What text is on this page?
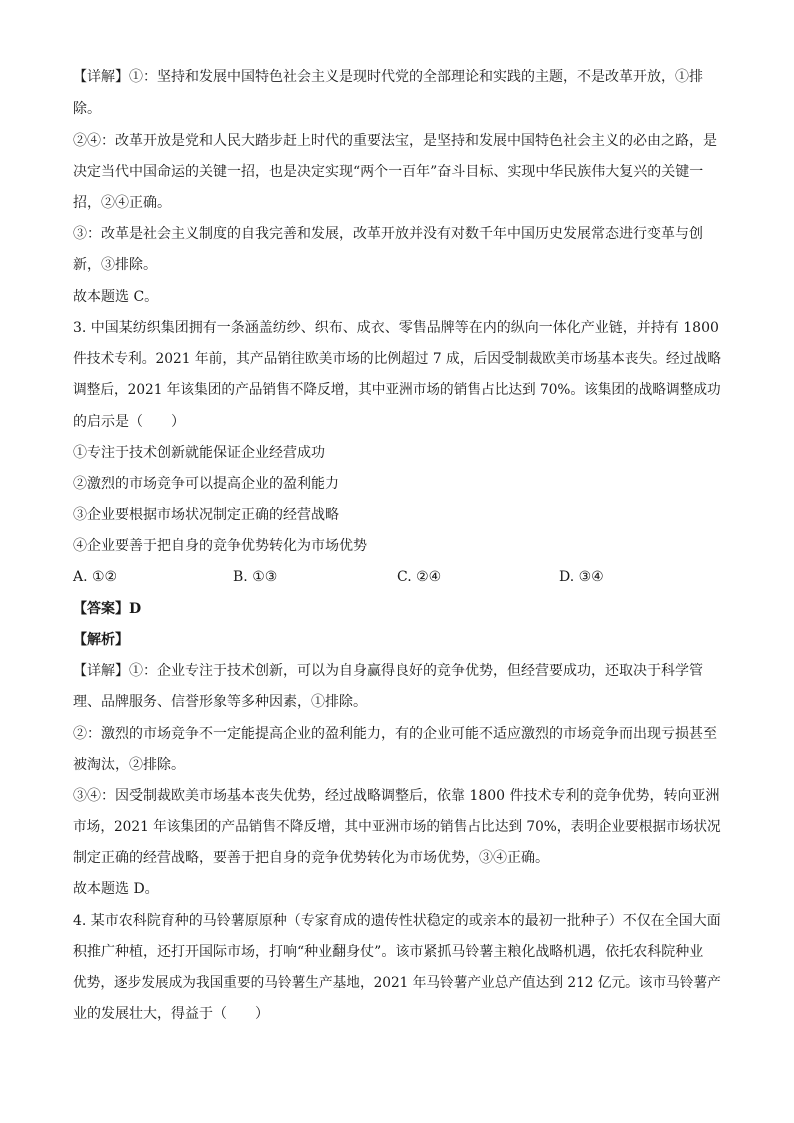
【详解】①：坚持和发展中国特色社会主义是现时代党的全部理论和实践的主题，不是改革开放，①排
除。
②④：改革开放是党和人民大踏步赶上时代的重要法宝，是坚持和发展中国特色社会主义的必由之路，是
决定当代中国命运的关键一招，也是决定实现“两个一百年”奋斗目标、实现中华民族伟大复兴的关键一
招，②④正确。
③：改革是社会主义制度的自我完善和发展，改革开放并没有对数千年中国历史发展常态进行变革与创
新，③排除。
故本题选 C。
3. 中国某纺织集团拥有一条涵盖纺纱、织布、成衣、零售品牌等在内的纵向一体化产业链，并持有 1800
件技术专利。2021 年前，其产品销往欧美市场的比例超过 7 成，后因受制裁欧美市场基本丧失。经过战略
调整后，2021 年该集团的产品销售不降反增，其中亚洲市场的销售占比达到 70%。该集团的战略调整成功
的启示是（　　）
①专注于技术创新就能保证企业经营成功
②激烈的市场竞争可以提高企业的盈利能力
③企业要根据市场状况制定正确的经营战略
④企业要善于把自身的竞争优势转化为市场优势
A. ①②	B. ①③	C. ②④	D. ③④
【答案】D
【解析】
【详解】①：企业专注于技术创新，可以为自身赢得良好的竞争优势，但经营要成功，还取决于科学管
理、品牌服务、信誉形象等多种因素，①排除。
②：激烈的市场竞争不一定能提高企业的盈利能力，有的企业可能不适应激烈的市场竞争而出现亏损甚至
被淘汰，②排除。
③④：因受制裁欧美市场基本丧失优势，经过战略调整后，依靠 1800 件技术专利的竞争优势，转向亚洲
市场，2021 年该集团的产品销售不降反增，其中亚洲市场的销售占比达到 70%，表明企业要根据市场状况
制定正确的经营战略，要善于把自身的竞争优势转化为市场优势，③④正确。
故本题选 D。
4. 某市农科院育种的马铃薯原原种（专家育成的遗传性状稳定的或亲本的最初一批种子）不仅在全国大面
积推广种植，还打开国际市场，打响“种业翻身仗”。该市紧抓马铃薯主粮化战略机遇，依托农科院种业
优势，逐步发展成为我国重要的马铃薯生产基地，2021 年马铃薯产业总产值达到 212 亿元。该市马铃薯产
业的发展壮大，得益于（　　）
